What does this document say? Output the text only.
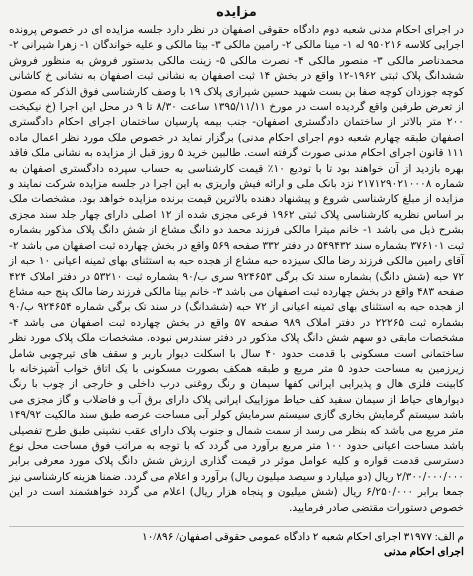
مزایده

در اجرای احکام مدنی شعبه دوم دادگاه حقوقی اصفهان در نظر دارد جلسه مزایده ای در خصوص پرونده اجرایی کلاسه ۹۵۰۲۱۶ له ۱- مینا مالکی ۲- رامین مالکی ۳- بیتا مالکی و علیه خواندگان ۱- زهرا شیرانی ۲- محمدناصر مالکی ۳- منصور مالکی ۴- نصرت مالکی ۵- زینت مالکی بدستور فروش به منظور فروش ششدانگ پلاک ثبتی ۱۹۶۲-۱۲ واقع در بخش ۱۴ ثبت اصفهان به نشانی ثبت اصفهان به نشانی خ کاشانی کوچه جوزدان کوچه صفا بن بست شهید حسین شیرازی پلاک ۱۹ با وصف کارشناسی فوق الذکر که مصون از تعرض طرفین واقع گردیده است در مورخ ۱۳۹۵/۱۱/۱۱ ساعت ۸/۳۰ تا ۹ در محل این اجرا (خ نیکبخت ۲۰۰ متر بالاتر از ساختمان دادگستری اصفهان- جنب بیمه پارسیان ساختمان اجرای احکام دادگستری اصفهان طبقه چهارم شعبه دوم اجرای احکام مدنی) برگزار نماید در خصوص ملک مورد نظر اعمال ماده ۱۱۱ قانون اجرای احکام مدنی صورت گرفته است. طالبین خرید ۵ روز قبل از مزایده به نشانی ملک فاقد بهره بازدید از آن خواهند بود تا با تودیع ۱۰٪ قیمت کارشناسی به حساب سپرده دادگستری اصفهان به شماره ۲۱۷۱۲۹۰۲۱۰۰۰۸ نزد بانک ملی و ارائه فیش واریزی به این اجرا در جلسه مزایده شرکت نمایند و مزایده از مبلغ کارشناسی شروع و پیشنهاد دهنده بالاترین قیمت برنده مزایده خواهد بود. مشخصات ملک بر اساس نظریه کارشناسی پلاک ثبتی ۱۹۶۲ فرعی مجزی شده از ۱۲ اصلی دارای چهار جلد سند مجزی بشرح ذیل می باشد ۱- خانم میترا مالکی فرزند محمد دو دانگ مشاع از شش دانگ پلاک مذکور بشماره ثبت ۳۷۶۱۰۱ بشماره سند ۵۴۹۴۳۲ در دفتر ۳۳۲ صفحه ۵۶۹ واقع در بخش چهارده ثبت اصفهان می باشد ۲- آقای رامین مالکی فرزند رضا مالک سیزده حبه مشاع از هجده حبه به استثنای بهای ثمینه اعیانی ۱۰ حبه از ۷۲ حبه (شش دانگ) بشماره سند تک برگی ۹۲۴۶۵۳ سری ب/۹۰ بشماره ثبت ۵۳۲۱۰ در دفتر املاک ۴۲۴ صفحه ۴۸۳ واقع در بخش چهارده ثبت اصفهان می باشد ۳- خانم بیتا مالکی فرزند رضا مالک پنج حبه مشاع از هجده حبه به استثنای بهای ثمینه اعیانی از ۷۲ حبه (ششدانگ) در سند تک برگی شماره ۹۲۴۶۵۴ ب/۹۰ بشماره ثبت ۲۲۲۶۵ در دفتر املاک ۹۸۹ صفحه ۵۷ واقع در بخش چهارده ثبت اصفهان می باشد ۴- مشخصات مابقی دو سهم شش دانگ پلاک مذکور در دفتر سندرس نبوده. مشخصات ملک پلاک مورد نظر ساختمانی است مسکونی با قدمت حدود ۴۰ سال با اسکلت دیوار باربر و سقف های تیرچوبی شامل زیرزمین به مساحت حدود ۵ متر مربع و طبقه همکف بصورت مسکونی با یک اتاق خواب آشپزخانه با کابینت فلزی هال و پذیرایی ایرانی کفها سیمان و رنگ روغنی درب داخلی و خارجی از چوب با رنگ دیوارهای حیاط از سیمان سفید کف حیاط موزاییک ایرانی پلاک دارای برق آب و فاضلاب و گاز مجزی می باشد سیستم گرمایش بخاری گازی سیستم سرمایش کولر آبی مساحت عرصه طبق سند مالکیت ۱۴۹/۹۲ متر مربع می باشد که بنظر می رسد از سمت شمال و جنوب پلاک دارای عقب نشینی طبق طرح تفصیلی باشد مساحت اعیانی حدود ۱۰۰ متر مربع برآورد می گردد که با توجه به مراتب فوق مساحت محل نوع دسترسی قدمت قواره و کلیه عوامل موثر در قیمت گذاری ارزش شش دانگ پلاک مورد معرفی برابر ۲/۳۰۰/۰۰۰/۰۰۰ ریال (دو میلیارد و سیصد میلیون ریال) برآورد و اعلام می گردد. ضمنا هزینه کارشناسی نیز جمعا برابر ۶/۲۵۰/۰۰۰ ریال (شش میلیون و پنجاه هزار ریال) اعلام می گردد خواهشمند است در این خصوص دستورات مقتضی صادر فرمایید.

م الف: ۳۱۹۷۷ اجرای احکام شعبه ۲ دادگاه عمومی حقوقی اصفهان/ ۱۰/۸۹۶

اجرای احکام مدنی
